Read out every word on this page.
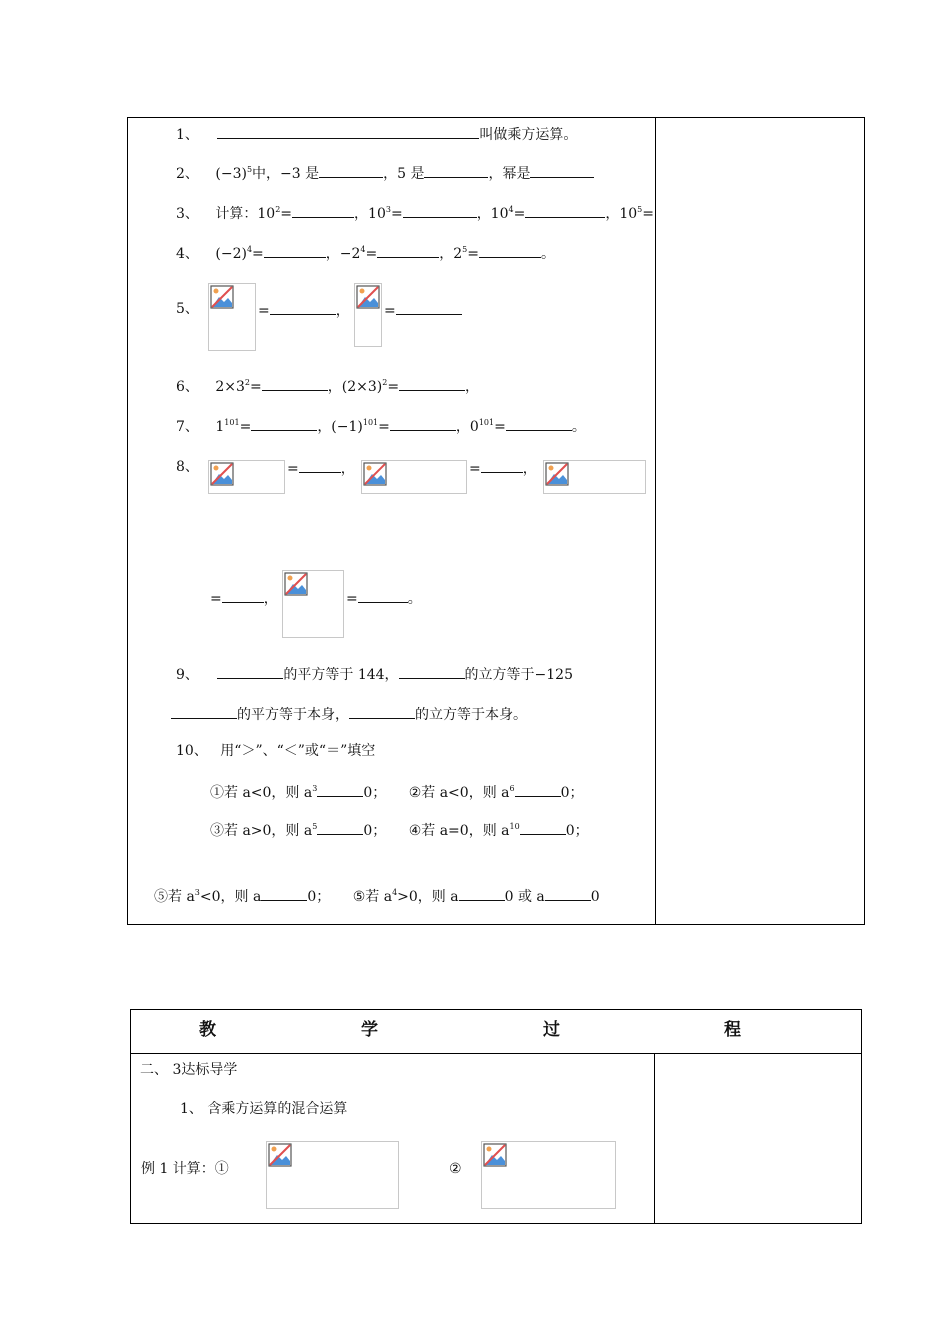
1、	叫做乘方运算。
2、 $(-3)^5$中，−3 是	，5 是	，幂是
3、 计算：$10^2=$	，$10^3=$	，$10^4=$	，$10^5=$
4、 $(-2)^4=$	，$-2^4=$	，$2^5=$	。
5、	=	， =
6、 $2\times 3^2=$	，$(2\times 3)^2=$	，
7、 $1^{101}=$	，$(-1)^{101}=$	，$0^{101}=$	。
8、	=	，	=	，
=	，	=	。
9、	的平方等于 144，	的立方等于−125
的平方等于本身，	的立方等于本身。
10、 用“＞”、“＜”或“＝”填空
①若 a<0，则 $a^3$	0； ②若 a<0，则 $a^6$	0；
③若 a>0，则 $a^5$	0； ④若 a=0，则 $a^{10}$	0；
⑤若 $a^3<0$，则 a	0； ⑤若 $a^4>0$，则 a	0 或 a	0
教	学	过	程
二、 3达标导学
1、 含乘方运算的混合运算
例 1 计算：①	②
